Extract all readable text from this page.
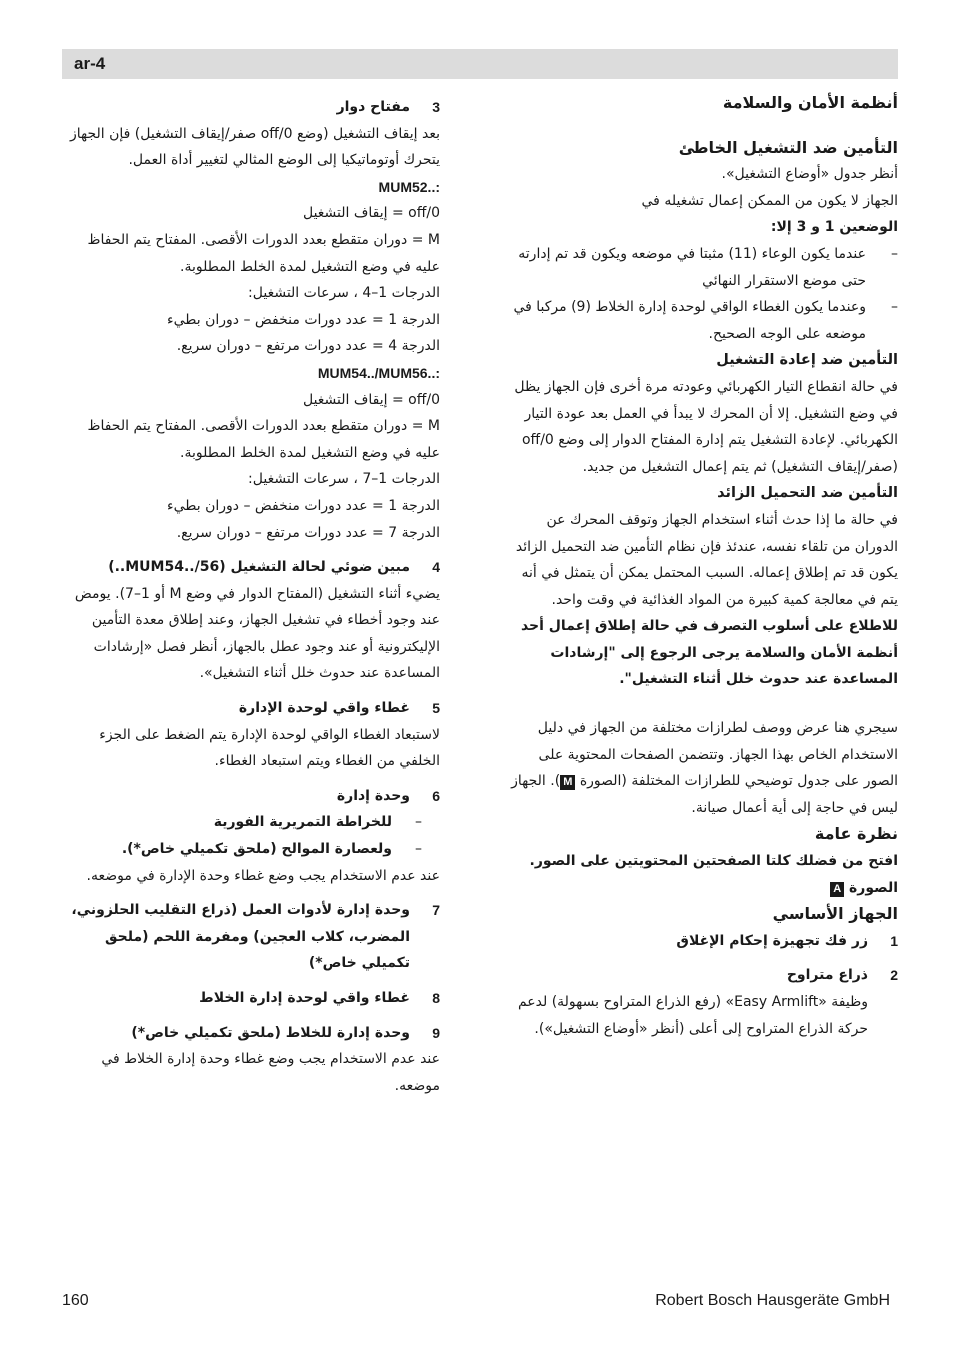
ar-4

أنظمة الأمان والسلامة

التأمين ضد التشغيل الخاطئ

أنظر جدول «أوضاع التشغيل».

الجهاز لا يكون من الممكن إعمال تشغيله في

الوضعين 1 و 3 إلا:

–
عندما يكون الوعاء (11) مثبتا في موضعه ويكون قد تم إدارته حتى موضع الاستقرار النهائي
–
وعندما يكون الغطاء الواقي لوحدة إدارة الخلاط (9) مركبا في موضعه على الوجه الصحيح.

التأمين ضد إعادة التشغيل

في حالة انقطاع التيار الكهربائي وعودته مرة أخرى فإن الجهاز يظل في وضع التشغيل. إلا أن المحرك لا يبدأ في العمل بعد عودة التيار الكهربائي. لإعادة التشغيل يتم إدارة المفتاح الدوار إلى وضع off/0 (صفر/إيقاف التشغيل) ثم يتم إعمال التشغيل من جديد.

التأمين ضد التحميل الزائد

في حالة ما إذا حدث أثناء استخدام الجهاز وتوقف المحرك عن الدوران من تلقاء نفسه، عندئذ فإن نظام التأمين ضد التحميل الزائد يكون قد تم إطلاق إعماله. السبب المحتمل يمكن أن يتمثل في أنه يتم في معالجة كمية كبيرة من المواد الغذائية في وقت واحد.

للاطلاع على أسلوب التصرف في حالة إطلاق إعمال أحد أنظمة الأمان والسلامة يرجى الرجوع إلى "إرشادات المساعدة عند حدوث خلل أثناء التشغيل".

سيجري هنا عرض ووصف لطرازات مختلفة من الجهاز في دليل الاستخدام الخاص بهذا الجهاز. وتتضمن الصفحات المحتوية على الصور على جدول توضيحي للطرازات المختلفة (الصورة M). الجهاز ليس في حاجة إلى أية أعمال صيانة.

نظرة عامة

افتح من فضلك كلتا الصفحتين المحتويتين على الصور. الصورة A

الجهاز الأساسي

1

زر فك تجهيزة إحكام الإغلاق

2

ذراع متراوح

وظيفة «Easy Armlift» (رفع الذراع المتراوح بسهولة) لدعم حركة الذراع المتراوح إلى أعلى (أنظر «أوضاع التشغيل»).

3

مفتاح دوار

بعد إيقاف التشغيل (وضع off/0 صفر/إيقاف التشغيل) فإن الجهاز يتحرك أوتوماتيكيا إلى الوضع المثالي لتغيير أداة العمل.

MUM52..:

off/0 = إيقاف التشغيل

M = دوران متقطع بعدد الدورات الأقصى. المفتاح يتم الحفاظ عليه في وضع التشغيل لمدة الخلط المطلوبة.

الدرجات 1–4 ، سرعات التشغيل:

الدرجة 1 = عدد دورات منخفض – دوران بطيء

الدرجة 4 = عدد دورات مرتفع – دوران سريع.

MUM54../MUM56..:

off/0 = إيقاف التشغيل

M = دوران متقطع بعدد الدورات الأقصى. المفتاح يتم الحفاظ عليه في وضع التشغيل لمدة الخلط المطلوبة.

الدرجات 1–7 ، سرعات التشغيل:

الدرجة 1 = عدد دورات منخفض – دوران بطيء

الدرجة 7 = عدد دورات مرتفع – دوران سريع.

4

مبين ضوئي لحالة التشغيل (MUM54../56..)

يضيء أثناء التشغيل (المفتاح الدوار في وضع M أو 1–7). يومض عند وجود أخطاء في تشغيل الجهاز، وعند إطلاق معدة التأمين الإليكترونية أو عند وجود عطل بالجهاز، أنظر فصل «إرشادات المساعدة عند حدوث خلل أثناء التشغيل».

5

غطاء واقي لوحدة الإدارة

لاستبعاد الغطاء الواقي لوحدة الإدارة يتم الضغط على الجزء الخلفي من الغطاء ويتم استبعاد الغطاء.

6

وحدة إدارة

–
للخراطة التمريرية الفورية
–
ولعصارة الموالح (ملحق تكميلي خاص*).

عند عدم الاستخدام يجب وضع غطاء وحدة الإدارة في موضعه.

7

وحدة إدارة لأدوات العمل (ذراع التقليب الحلزوني، المضرب، كلاب العجين) ومفرمة اللحم (ملحق تكميلي خاص*)

8

غطاء واقي لوحدة إدارة الخلاط

9

وحدة إدارة للخلاط (ملحق تكميلي خاص*)

عند عدم الاستخدام يجب وضع غطاء وحدة إدارة الخلاط في موضعه.

160	Robert Bosch Hausgeräte GmbH
